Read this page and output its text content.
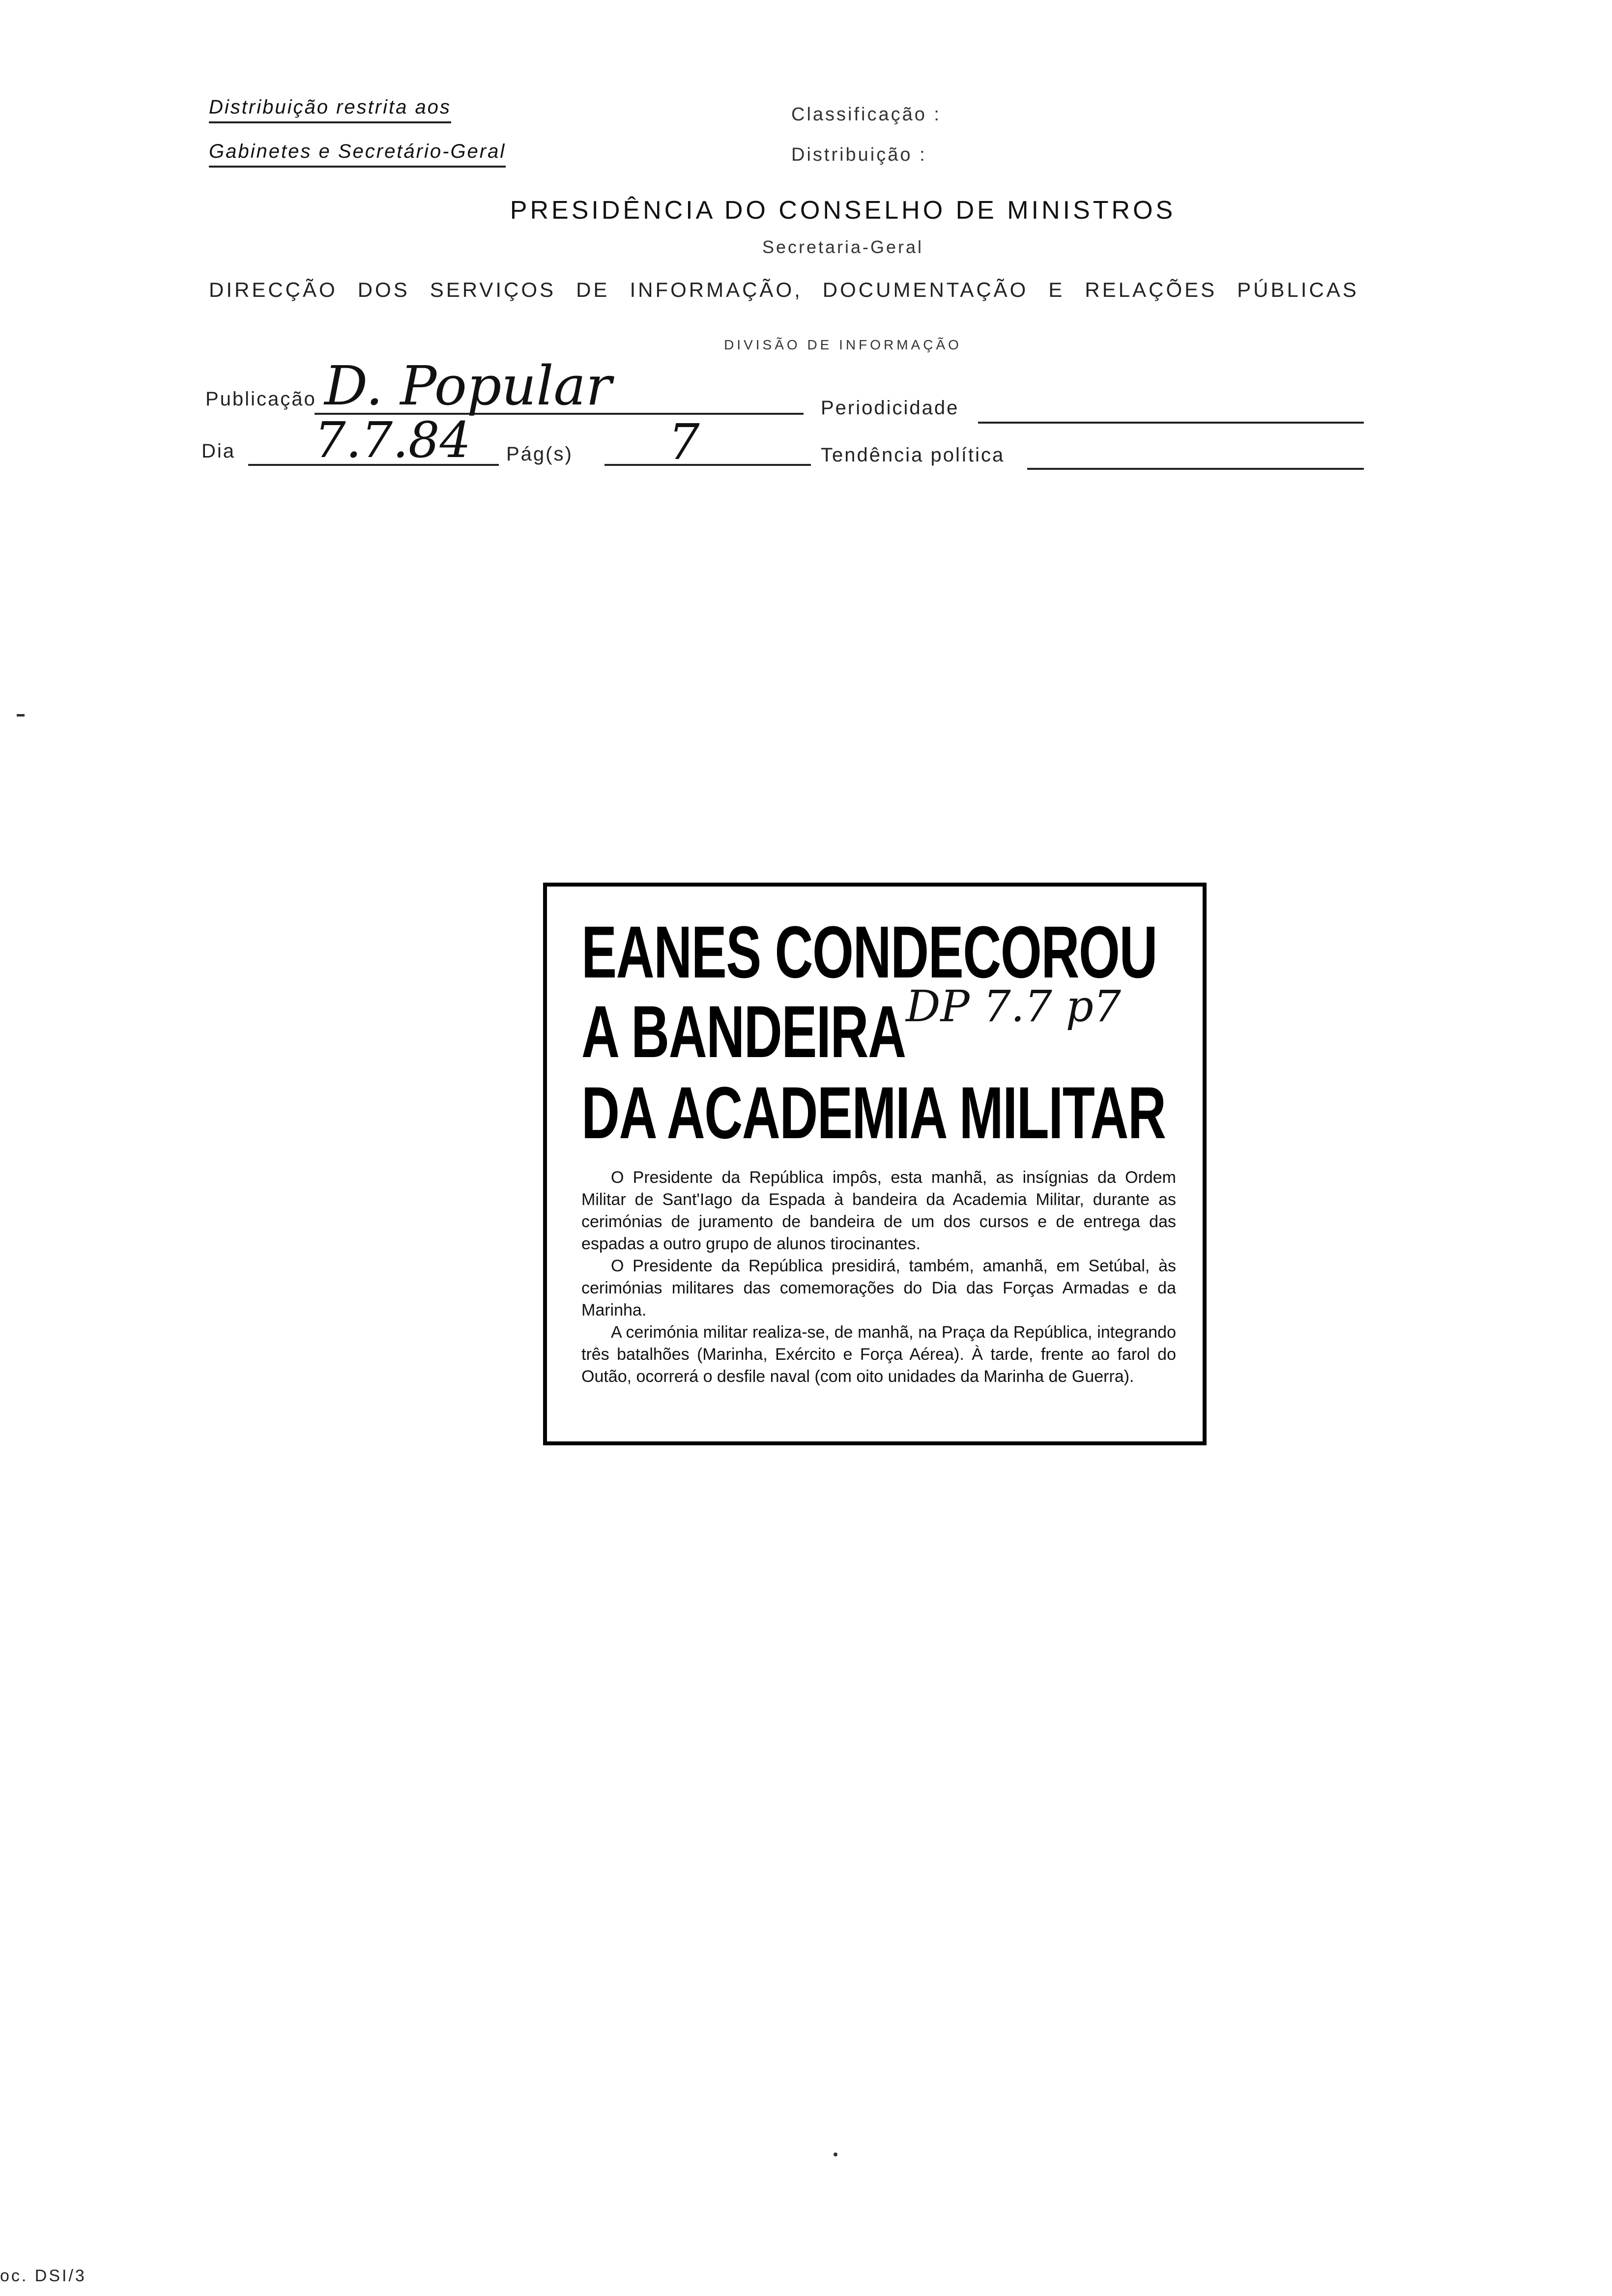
Distribuição restrita aos
Gabinetes e Secretário-Geral
Classificação :
Distribuição :
PRESIDÊNCIA DO CONSELHO DE MINISTROS
Secretaria-Geral
DIRECÇÃO DOS SERVIÇOS DE INFORMAÇÃO, DOCUMENTAÇÃO E RELAÇÕES PÚBLICAS
DIVISÃO DE INFORMAÇÃO
Publicação D. Popular	Periodicidade
Dia 7.7.84 Pág(s) 7	Tendência política
EANES CONDECOROU
A BANDEIRA
DA ACADEMIA MILITAR
DP 7.7 p7

O Presidente da República impôs, esta manhã, as insígnias da Ordem Militar de Sant'Iago da Espada à bandeira da Academia Militar, durante as cerimónias de juramento de bandeira de um dos cursos e de entrega das espadas a outro grupo de alunos tirocinantes.

O Presidente da República presidirá, também, amanhã, em Setúbal, às cerimónias militares das comemorações do Dia das Forças Armadas e da Marinha.

A cerimónia militar realiza-se, de manhã, na Praça da República, integrando três batalhões (Marinha, Exército e Força Aérea). À tarde, frente ao farol do Outão, ocorrerá o desfile naval (com oito unidades da Marinha de Guerra).

oc. DSI/3
